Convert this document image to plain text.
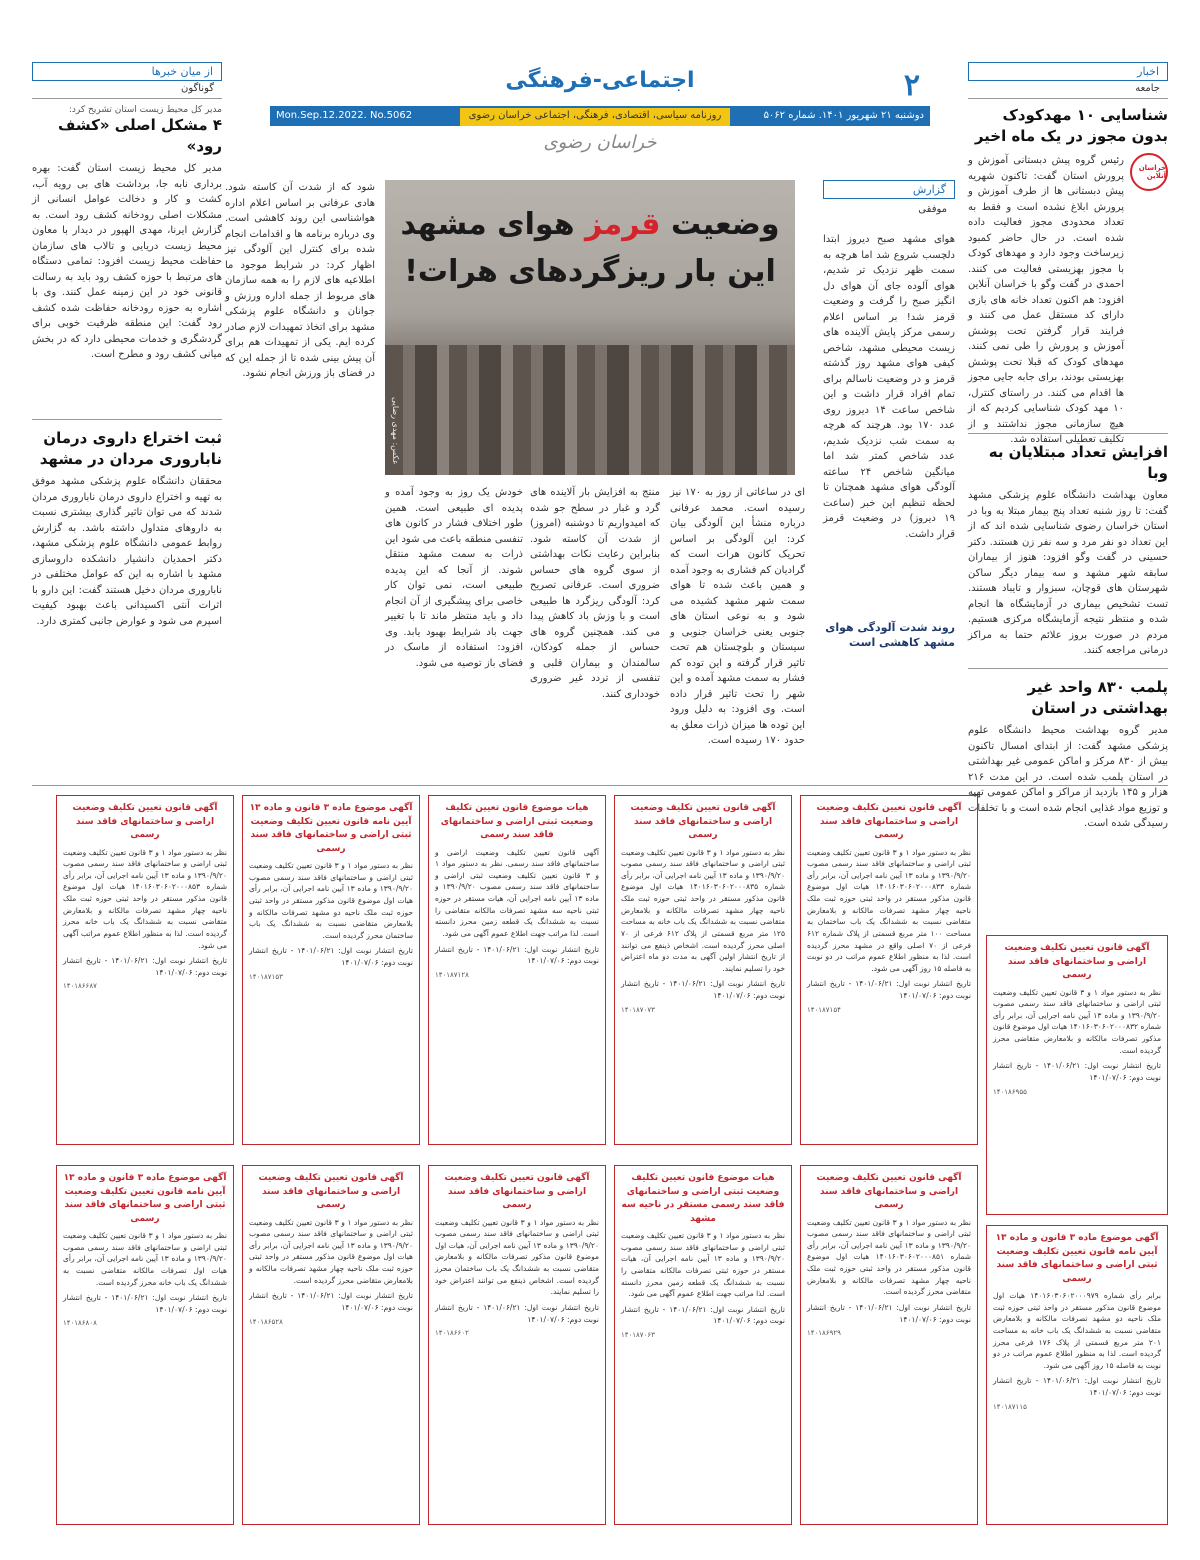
۲
اجتماعی-فرهنگی
دوشنبه ۲۱ شهریور ۱۴۰۱. شماره ۵۰۶۲
روزنامه سیاسی، اقتصادی، فرهنگی، اجتماعی خراسان رضوی
Mon.Sep.12.2022. No.5062
خراسان رضوی
اخبار
جامعه
شناسایی ۱۰ مهدکودک بدون مجوز در یک ماه اخیر
خراسان آنلاین

رئیس گروه پیش دبستانی آموزش و پرورش استان گفت: تاکنون شهریه پیش دبستانی ها از طرف آموزش و پرورش ابلاغ نشده است و فقط به تعداد محدودی مجوز فعالیت داده شده است. در حال حاضر کمبود زیرساخت وجود دارد و مهدهای کودک با مجوز بهزیستی فعالیت می کنند. احمدی در گفت وگو با خراسان آنلاین افزود: هم اکنون تعداد خانه های بازی دارای کد مستقل عمل می کنند و فرایند قرار گرفتن تحت پوشش آموزش و پرورش را طی نمی کنند. مهدهای کودک که قبلا تحت پوشش بهزیستی بودند، برای جابه جایی مجوز ها اقدام می کنند. در راستای کنترل، ۱۰ مهد کودک شناسایی کردیم که از هیچ سازمانی مجوز نداشتند و از تکلیف تعطیلی استفاده شد.

افزایش تعداد مبتلایان به وبا

معاون بهداشت دانشگاه علوم پزشکی مشهد گفت: تا روز شنبه تعداد پنج بیمار مبتلا به وبا در استان خراسان رضوی شناسایی شده اند که از این تعداد دو نفر مرد و سه نفر زن هستند. دکتر حسینی در گفت وگو افزود: هنوز از بیماران سابقه شهر مشهد و سه بیمار دیگر ساکن شهرستان های قوچان، سبزوار و تایباد هستند. تست تشخیص بیماری در آزمایشگاه ها انجام شده و منتظر نتیجه آزمایشگاه مرکزی هستیم. مردم در صورت بروز علائم حتما به مراکز درمانی مراجعه کنند.

پلمب ۸۳۰ واحد غیر بهداشتی در استان

مدیر گروه بهداشت محیط دانشگاه علوم پزشکی مشهد گفت: از ابتدای امسال تاکنون بیش از ۸۳۰ مرکز و اماکن عمومی غیر بهداشتی در استان پلمب شده است. در این مدت ۲۱۶ هزار و ۱۴۵ بازدید از مراکز و اماکن عمومی تهیه و توزیع مواد غذایی انجام شده است و با تخلفات رسیدگی شده است.

گزارش
موفقی
وضعیت قرمز هوای مشهد
این بار ریزگردهای هرات!
عکس: مهدی رضایی

هوای مشهد صبح دیروز ابتدا دلچسب شروع شد اما هرچه به سمت ظهر نزدیک تر شدیم، هوای آلوده جای آن هوای دل انگیز صبح را گرفت و وضعیت قرمز شد! بر اساس اعلام رسمی مرکز پایش آلاینده های زیست محیطی مشهد، شاخص کیفی هوای مشهد روز گذشته قرمز و در وضعیت ناسالم برای تمام افراد قرار داشت و این شاخص ساعت ۱۴ دیروز روی عدد ۱۷۰ بود. هرچند که هرچه به سمت شب نزدیک شدیم، عدد شاخص کمتر شد اما میانگین شاخص ۲۴ ساعته آلودگی هوای مشهد همچنان تا لحظه تنظیم این خبر (ساعت ۱۹ دیروز) در وضعیت قرمز قرار داشت.

روند شدت آلودگی هوای مشهد کاهشی است

شود که از شدت آن کاسته شود. هادی عرفانی بر اساس اعلام اداره هواشناسی این روند کاهشی است. وی درباره برنامه ها و اقدامات انجام شده برای کنترل این آلودگی نیز اظهار کرد: در شرایط موجود ما اطلاعیه های لازم را به همه سازمان های مربوط از جمله اداره ورزش و جوانان و دانشگاه علوم پزشکی مشهد برای اتخاذ تمهیدات لازم صادر کرده ایم. یکی از تمهیدات هم برای آن پیش بینی شده تا از جمله این که در فضای باز ورزش انجام نشود.

ای در ساعاتی از روز به ۱۷۰ نیز رسیده است. محمد عرفانی درباره منشأ این آلودگی بیان کرد: این آلودگی بر اساس تحریک کانون هرات است که گرادیان کم فشاری به وجود آمده و همین باعث شده تا هوای سمت شهر مشهد کشیده می شود و به نوعی استان های جنوبی یعنی خراسان جنوبی و سیستان و بلوچستان هم تحت تاثیر قرار گرفته و این توده کم فشار به سمت مشهد آمده و این شهر را تحت تاثیر قرار داده است. وی افزود: به دلیل ورود این توده ها میزان ذرات معلق به حدود ۱۷۰ رسیده است.

منتج به افزایش بار آلاینده های گرد و غبار در سطح جو شده که امیدواریم تا دوشنبه (امروز) از شدت آن کاسته شود. بنابراین رعایت نکات بهداشتی از سوی گروه های حساس ضروری است. عرفانی تصریح کرد: آلودگی ریزگرد ها طبیعی است و با وزش باد کاهش پیدا می کند. همچنین گروه های حساس از جمله کودکان، سالمندان و بیماران قلبی و تنفسی از تردد غیر ضروری خودداری کنند.

خودش یک روز به وجود آمده و پدیده ای طبیعی است. همین طور اختلاف فشار در کانون های تنفسی منطقه باعث می شود این ذرات به سمت مشهد منتقل شوند. از آنجا که این پدیده طبیعی است، نمی توان کار خاصی برای پیشگیری از آن انجام داد و باید منتظر ماند تا با تغییر جهت باد شرایط بهبود یابد. وی افزود: استفاده از ماسک در فضای باز توصیه می شود.

از میان خبرها
گوناگون
مدیر کل محیط زیست استان تشریح کرد:
۴ مشکل اصلی «کشف رود»

مدیر کل محیط زیست استان گفت: بهره برداری نابه جا، برداشت های بی رویه آب، کشت و کار و دخالت عوامل انسانی از مشکلات اصلی رودخانه کشف رود است. به گزارش ایرنا، مهدی الهپور در دیدار با معاون محیط زیست دریایی و تالاب های سازمان حفاظت محیط زیست افزود: تمامی دستگاه های مرتبط با حوزه کشف رود باید به رسالت قانونی خود در این زمینه عمل کنند. وی با اشاره به حوزه رودخانه حفاظت شده کشف رود گفت: این منطقه ظرفیت خوبی برای گردشگری و خدمات محیطی دارد که در بخش میانی کشف رود و مطرح است.

ثبت اختراع داروی درمان ناباروری مردان در مشهد

محققان دانشگاه علوم پزشکی مشهد موفق به تهیه و اختراع داروی درمان ناباروری مردان شدند که می توان تاثیر گذاری بیشتری نسبت به داروهای متداول داشته باشد. به گزارش روابط عمومی دانشگاه علوم پزشکی مشهد، دکتر احمدیان دانشیار دانشکده داروسازی مشهد با اشاره به این که عوامل مختلفی در ناباروری مردان دخیل هستند گفت: این دارو با اثرات آنتی اکسیدانی باعث بهبود کیفیت اسپرم می شود و عوارض جانبی کمتری دارد.

آگهی قانون تعیین تکلیف وضعیت اراضی و ساختمانهای فاقد سند رسمی
نظر به دستور مواد ۱ و ۳ قانون تعیین تکلیف وضعیت ثبتی اراضی و ساختمانهای فاقد سند رسمی مصوب ۱۳۹۰/۹/۲۰ و ماده ۱۳ آیین نامه اجرایی آن، برابر رأی شماره ۱۴۰۱۶۰۳۰۶۰۲۰۰۰۸۳۳ هیات اول موضوع قانون مذکور مستقر در واحد ثبتی حوزه ثبت ملک ناحیه چهار مشهد تصرفات مالکانه و بلامعارض متقاضی نسبت به ششدانگ یک باب ساختمان به مساحت ۱۰۰ متر مربع قسمتی از پلاک شماره ۶۱۲ فرعی از ۷۰ اصلی واقع در مشهد محرز گردیده است. لذا به منظور اطلاع عموم مراتب در دو نوبت به فاصله ۱۵ روز آگهی می شود.
تاریخ انتشار نوبت اول: ۱۴۰۱/۰۶/۲۱ - تاریخ انتشار نوبت دوم: ۱۴۰۱/۰۷/۰۶
۱۴۰۱۸۷۱۵۴
آگهی قانون تعیین تکلیف وضعیت اراضی و ساختمانهای فاقد سند رسمی
نظر به دستور مواد ۱ و ۳ قانون تعیین تکلیف وضعیت ثبتی اراضی و ساختمانهای فاقد سند رسمی مصوب ۱۳۹۰/۹/۲۰ و ماده ۱۳ آیین نامه اجرایی آن، برابر رأی شماره ۱۴۰۱۶۰۳۰۶۰۲۰۰۰۸۳۵ هیات اول موضوع قانون مذکور مستقر در واحد ثبتی حوزه ثبت ملک ناحیه چهار مشهد تصرفات مالکانه و بلامعارض متقاضی نسبت به ششدانگ یک باب خانه به مساحت ۱۲۵ متر مربع قسمتی از پلاک ۶۱۲ فرعی از ۷۰ اصلی محرز گردیده است. اشخاص ذینفع می توانند از تاریخ انتشار اولین آگهی به مدت دو ماه اعتراض خود را تسلیم نمایند.
تاریخ انتشار نوبت اول: ۱۴۰۱/۰۶/۲۱ - تاریخ انتشار نوبت دوم: ۱۴۰۱/۰۷/۰۶
۱۴۰۱۸۷۰۷۳
هیات موضوع قانون تعیین تکلیف وضعیت ثبتی اراضی و ساختمانهای فاقد سند رسمی
آگهی قانون تعیین تکلیف وضعیت اراضی و ساختمانهای فاقد سند رسمی. نظر به دستور مواد ۱ و ۳ قانون تعیین تکلیف وضعیت ثبتی اراضی و ساختمانهای فاقد سند رسمی مصوب ۱۳۹۰/۹/۲۰ و ماده ۱۳ آیین نامه اجرایی آن، هیات مستقر در حوزه ثبتی ناحیه سه مشهد تصرفات مالکانه متقاضی را نسبت به ششدانگ یک قطعه زمین محرز دانسته است. لذا مراتب جهت اطلاع عموم آگهی می شود.
تاریخ انتشار نوبت اول: ۱۴۰۱/۰۶/۲۱ - تاریخ انتشار نوبت دوم: ۱۴۰۱/۰۷/۰۶
۱۴۰۱۸۷۱۲۸
آگهی موضوع ماده ۳ قانون و ماده ۱۳ آیین نامه قانون تعیین تکلیف وضعیت ثبتی اراضی و ساختمانهای فاقد سند رسمی
نظر به دستور مواد ۱ و ۳ قانون تعیین تکلیف وضعیت ثبتی اراضی و ساختمانهای فاقد سند رسمی مصوب ۱۳۹۰/۹/۲۰ و ماده ۱۳ آیین نامه اجرایی آن، برابر رأی هیات اول موضوع قانون مذکور مستقر در واحد ثبتی حوزه ثبت ملک ناحیه دو مشهد تصرفات مالکانه و بلامعارض متقاضی نسبت به ششدانگ یک باب ساختمان محرز گردیده است.
تاریخ انتشار نوبت اول: ۱۴۰۱/۰۶/۲۱ - تاریخ انتشار نوبت دوم: ۱۴۰۱/۰۷/۰۶
۱۴۰۱۸۷۱۵۳
آگهی قانون تعیین تکلیف وضعیت اراضی و ساختمانهای فاقد سند رسمی
نظر به دستور مواد ۱ و ۳ قانون تعیین تکلیف وضعیت ثبتی اراضی و ساختمانهای فاقد سند رسمی مصوب ۱۳۹۰/۹/۲۰ و ماده ۱۳ آیین نامه اجرایی آن، برابر رأی شماره ۱۴۰۱۶۰۳۰۶۰۲۰۰۰۸۵۳ هیات اول موضوع قانون مذکور مستقر در واحد ثبتی حوزه ثبت ملک ناحیه چهار مشهد تصرفات مالکانه و بلامعارض متقاضی نسبت به ششدانگ یک باب خانه محرز گردیده است. لذا به منظور اطلاع عموم مراتب آگهی می شود.
تاریخ انتشار نوبت اول: ۱۴۰۱/۰۶/۲۱ - تاریخ انتشار نوبت دوم: ۱۴۰۱/۰۷/۰۶
۱۴۰۱۸۶۶۸۷
آگهی قانون تعیین تکلیف وضعیت اراضی و ساختمانهای فاقد سند رسمی
نظر به دستور مواد ۱ و ۳ قانون تعیین تکلیف وضعیت ثبتی اراضی و ساختمانهای فاقد سند رسمی مصوب ۱۳۹۰/۹/۲۰ و ماده ۱۳ آیین نامه اجرایی آن، برابر رأی شماره ۱۴۰۱۶۰۳۰۶۰۲۰۰۰۸۵۱ هیات اول موضوع قانون مذکور مستقر در واحد ثبتی حوزه ثبت ملک ناحیه چهار مشهد تصرفات مالکانه و بلامعارض متقاضی محرز گردیده است.
تاریخ انتشار نوبت اول: ۱۴۰۱/۰۶/۲۱ - تاریخ انتشار نوبت دوم: ۱۴۰۱/۰۷/۰۶
۱۴۰۱۸۶۹۲۹
هیات موضوع قانون تعیین تکلیف وضعیت ثبتی اراضی و ساختمانهای فاقد سند رسمی مستقر در ناحیه سه مشهد
نظر به دستور مواد ۱ و ۳ قانون تعیین تکلیف وضعیت ثبتی اراضی و ساختمانهای فاقد سند رسمی مصوب ۱۳۹۰/۹/۲۰ و ماده ۱۳ آیین نامه اجرایی آن، هیات مستقر در حوزه ثبتی تصرفات مالکانه متقاضی را نسبت به ششدانگ یک قطعه زمین محرز دانسته است. لذا مراتب جهت اطلاع عموم آگهی می شود.
تاریخ انتشار نوبت اول: ۱۴۰۱/۰۶/۲۱ - تاریخ انتشار نوبت دوم: ۱۴۰۱/۰۷/۰۶
۱۴۰۱۸۷۰۶۳
آگهی قانون تعیین تکلیف وضعیت اراضی و ساختمانهای فاقد سند رسمی
نظر به دستور مواد ۱ و ۳ قانون تعیین تکلیف وضعیت ثبتی اراضی و ساختمانهای فاقد سند رسمی مصوب ۱۳۹۰/۹/۲۰ و ماده ۱۳ آیین نامه اجرایی آن، هیات اول موضوع قانون مذکور تصرفات مالکانه و بلامعارض متقاضی نسبت به ششدانگ یک باب ساختمان محرز گردیده است. اشخاص ذینفع می توانند اعتراض خود را تسلیم نمایند.
تاریخ انتشار نوبت اول: ۱۴۰۱/۰۶/۲۱ - تاریخ انتشار نوبت دوم: ۱۴۰۱/۰۷/۰۶
۱۴۰۱۸۶۶۰۲
آگهی قانون تعیین تکلیف وضعیت اراضی و ساختمانهای فاقد سند رسمی
نظر به دستور مواد ۱ و ۳ قانون تعیین تکلیف وضعیت ثبتی اراضی و ساختمانهای فاقد سند رسمی مصوب ۱۳۹۰/۹/۲۰ و ماده ۱۳ آیین نامه اجرایی آن، برابر رأی هیات اول موضوع قانون مذکور مستقر در واحد ثبتی حوزه ثبت ملک ناحیه چهار مشهد تصرفات مالکانه و بلامعارض متقاضی محرز گردیده است.
تاریخ انتشار نوبت اول: ۱۴۰۱/۰۶/۲۱ - تاریخ انتشار نوبت دوم: ۱۴۰۱/۰۷/۰۶
۱۴۰۱۸۶۵۲۸
آگهی موضوع ماده ۳ قانون و ماده ۱۳ آیین نامه قانون تعیین تکلیف وضعیت ثبتی اراضی و ساختمانهای فاقد سند رسمی
نظر به دستور مواد ۱ و ۳ قانون تعیین تکلیف وضعیت ثبتی اراضی و ساختمانهای فاقد سند رسمی مصوب ۱۳۹۰/۹/۲۰ و ماده ۱۳ آیین نامه اجرایی آن، برابر رأی هیات اول تصرفات مالکانه متقاضی نسبت به ششدانگ یک باب خانه محرز گردیده است.
تاریخ انتشار نوبت اول: ۱۴۰۱/۰۶/۲۱ - تاریخ انتشار نوبت دوم: ۱۴۰۱/۰۷/۰۶
۱۴۰۱۸۶۸۰۸
آگهی قانون تعیین تکلیف وضعیت اراضی و ساختمانهای فاقد سند رسمی
نظر به دستور مواد ۱ و ۳ قانون تعیین تکلیف وضعیت ثبتی اراضی و ساختمانهای فاقد سند رسمی مصوب ۱۳۹۰/۹/۲۰ و ماده ۱۳ آیین نامه اجرایی آن، برابر رأی شماره ۱۴۰۱۶۰۳۰۶۰۲۰۰۰۸۳۲ هیات اول موضوع قانون مذکور تصرفات مالکانه و بلامعارض متقاضی محرز گردیده است.
تاریخ انتشار نوبت اول: ۱۴۰۱/۰۶/۲۱ - تاریخ انتشار نوبت دوم: ۱۴۰۱/۰۷/۰۶
۱۴۰۱۸۶۹۵۵
آگهی موضوع ماده ۳ قانون و ماده ۱۳ آیین نامه قانون تعیین تکلیف وضعیت ثبتی اراضی و ساختمانهای فاقد سند رسمی
برابر رأی شماره ۱۴۰۱۶۰۳۰۶۰۲۰۰۰۹۷۹ هیات اول موضوع قانون مذکور مستقر در واحد ثبتی حوزه ثبت ملک ناحیه دو مشهد تصرفات مالکانه و بلامعارض متقاضی نسبت به ششدانگ یک باب خانه به مساحت ۲۰۱ متر مربع قسمتی از پلاک ۱۷۶ فرعی محرز گردیده است. لذا به منظور اطلاع عموم مراتب در دو نوبت به فاصله ۱۵ روز آگهی می شود.
تاریخ انتشار نوبت اول: ۱۴۰۱/۰۶/۲۱ - تاریخ انتشار نوبت دوم: ۱۴۰۱/۰۷/۰۶
۱۴۰۱۸۷۱۱۵
